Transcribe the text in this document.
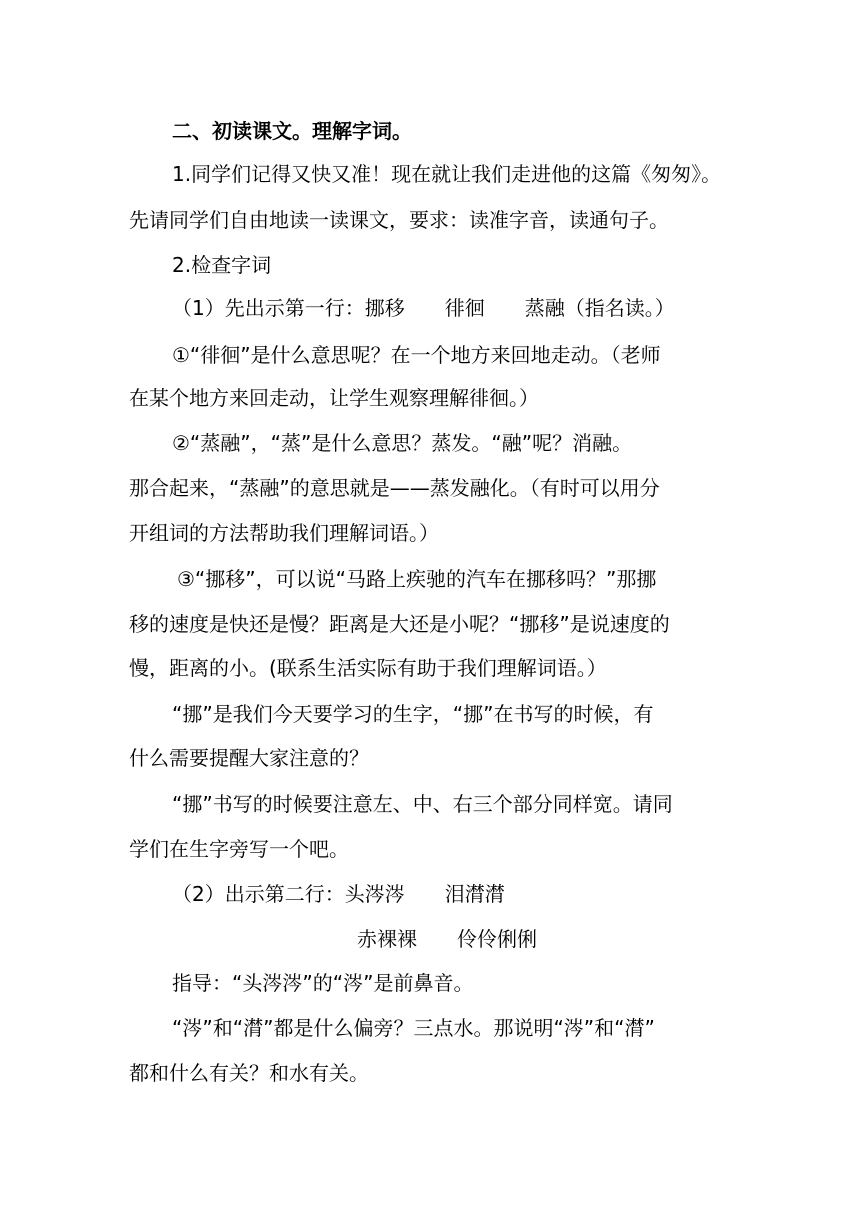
二、初读课文。理解字词。
1.同学们记得又快又准！现在就让我们走进他的这篇《匆匆》。
先请同学们自由地读一读课文，要求：读准字音，读通句子。
2.检查字词
（1）先出示第一行：挪移　　徘徊　　蒸融（指名读。）
①“徘徊”是什么意思呢？在一个地方来回地走动。（老师
在某个地方来回走动，让学生观察理解徘徊。）
②“蒸融”，“蒸”是什么意思？蒸发。“融”呢？消融。
那合起来，“蒸融”的意思就是——蒸发融化。（有时可以用分
开组词的方法帮助我们理解词语。）
③“挪移”，可以说“马路上疾驰的汽车在挪移吗？”那挪
移的速度是快还是慢？距离是大还是小呢？“挪移”是说速度的
慢，距离的小。(联系生活实际有助于我们理解词语。）
“挪”是我们今天要学习的生字，“挪”在书写的时候，有
什么需要提醒大家注意的？
“挪”书写的时候要注意左、中、右三个部分同样宽。请同
学们在生字旁写一个吧。
（2）出示第二行：头涔涔　　泪潸潸
赤裸裸　　伶伶俐俐
指导：“头涔涔”的“涔”是前鼻音。
“涔”和“潸”都是什么偏旁？三点水。那说明“涔”和“潸”
都和什么有关？和水有关。
